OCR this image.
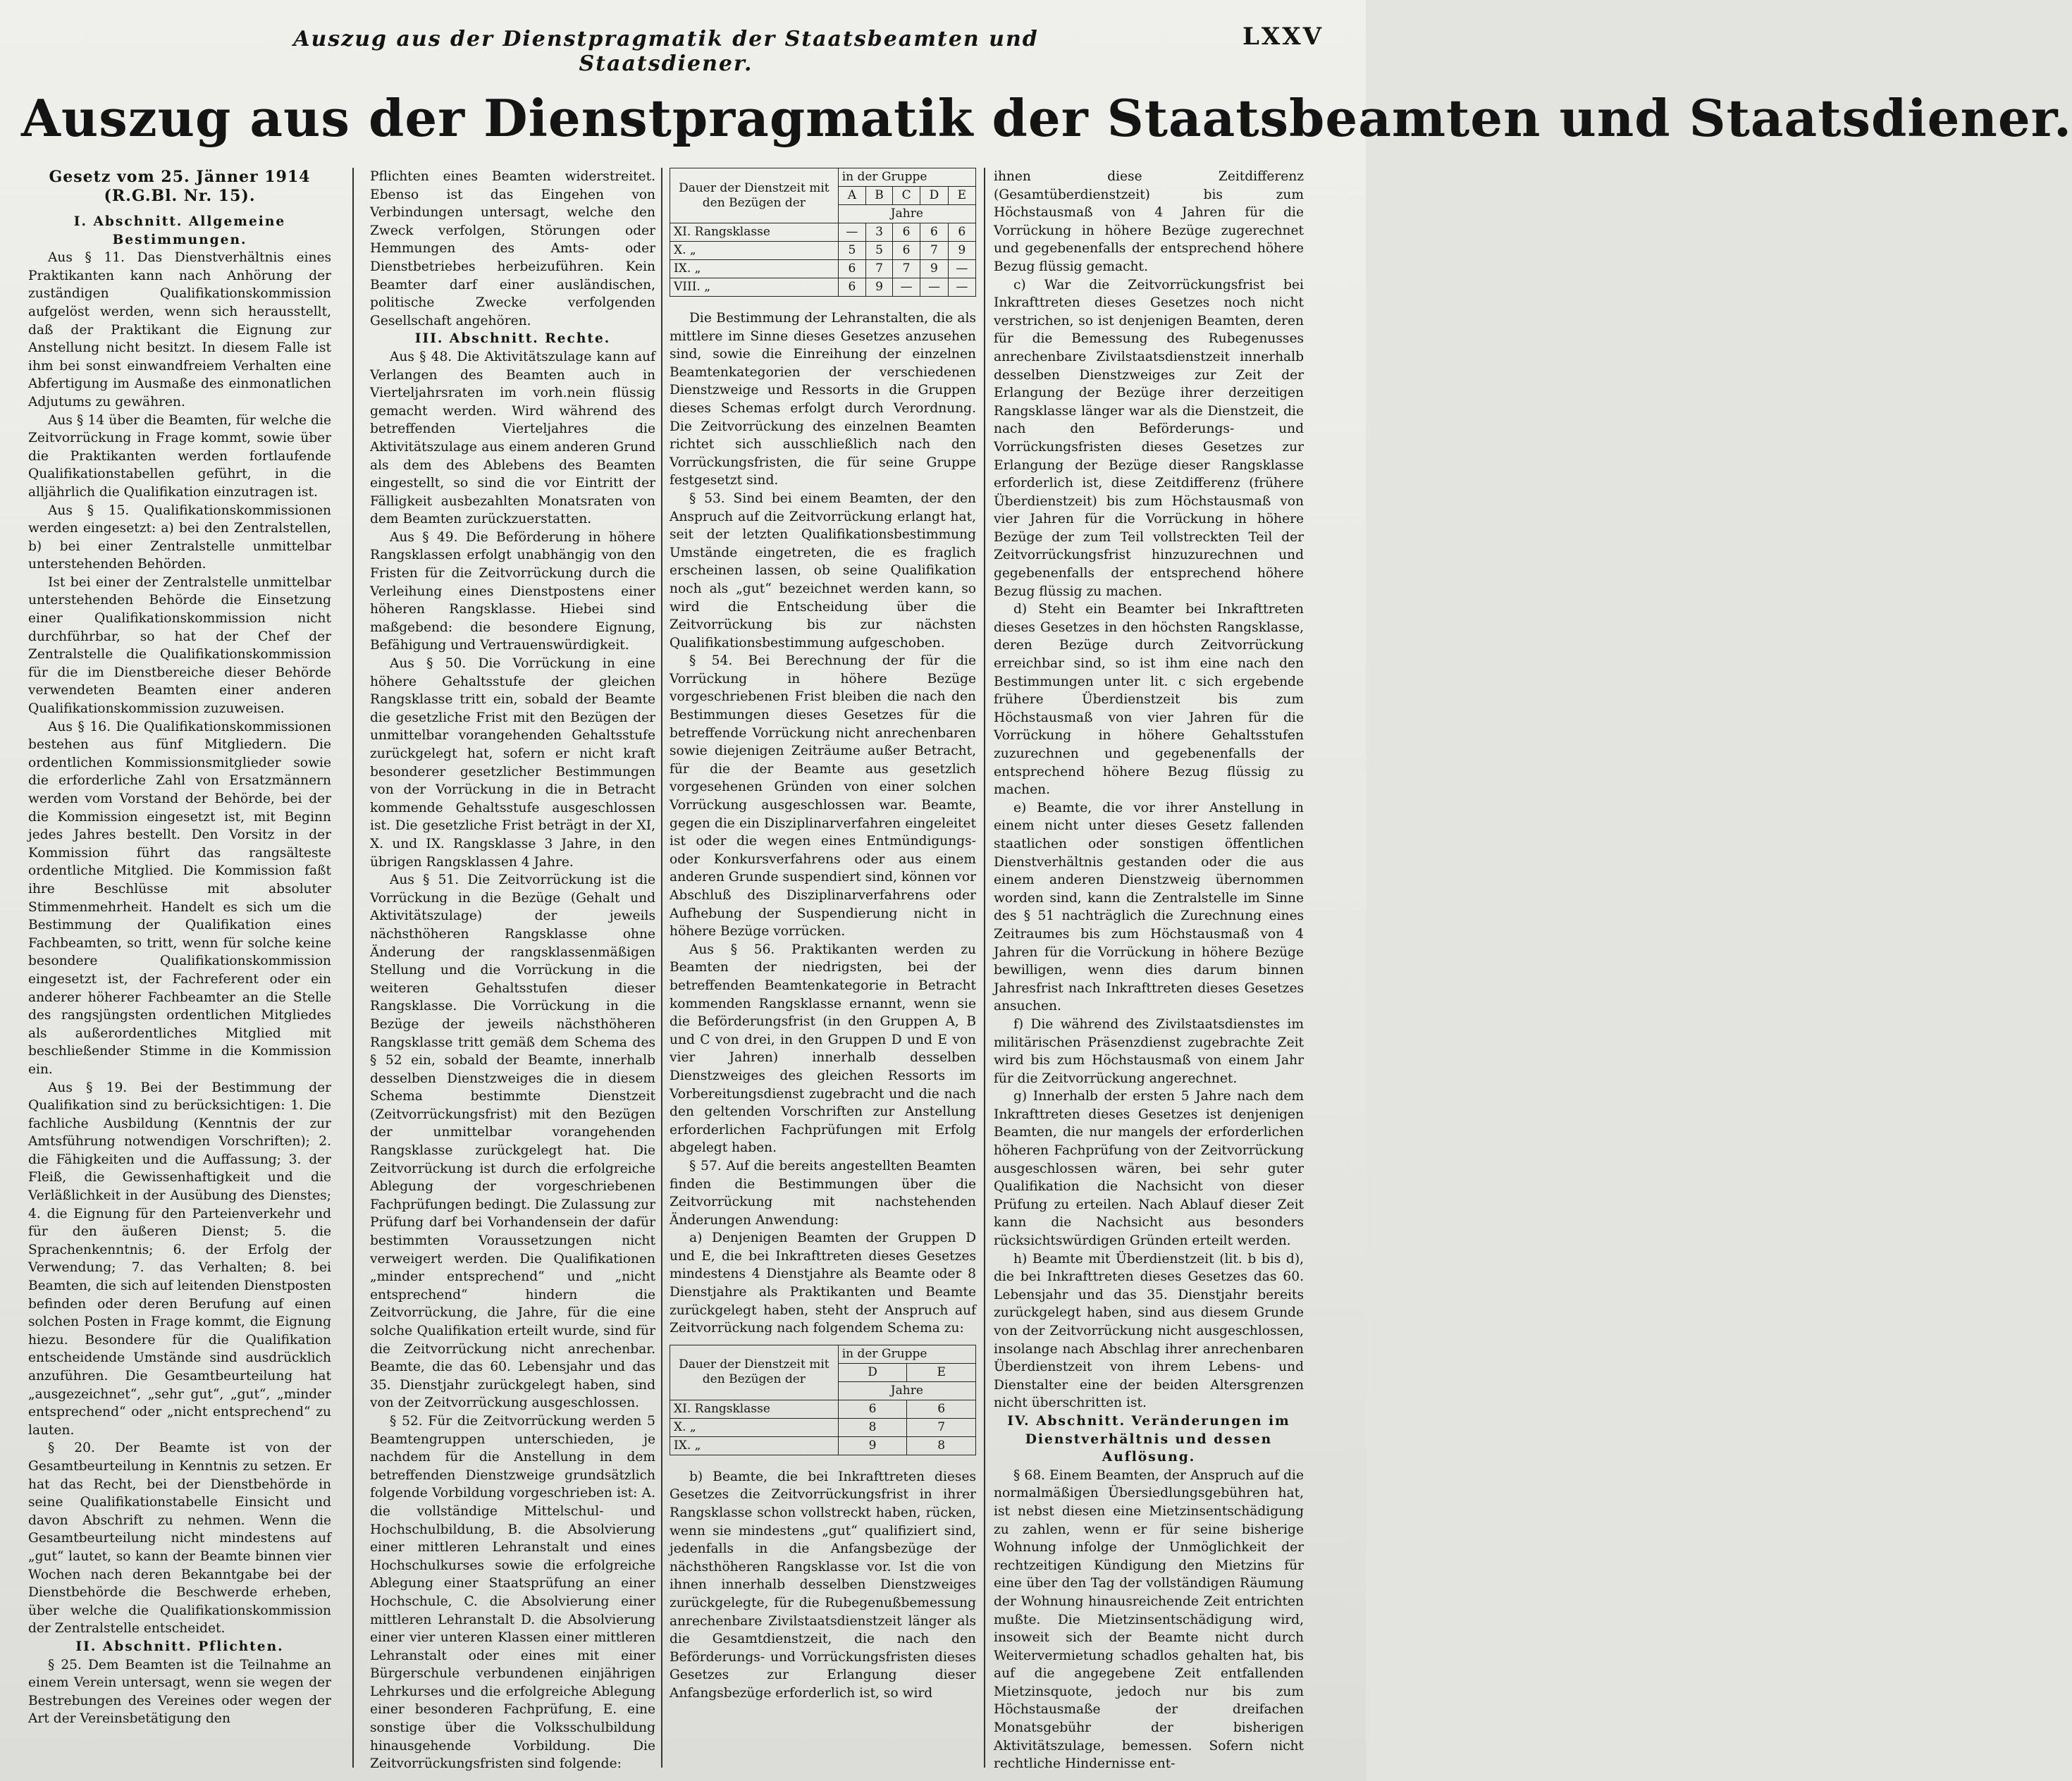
Auszug aus der Dienstpragmatik der Staatsbeamten und Staatsdiener.
LXXV
Auszug aus der Dienstpragmatik der Staatsbeamten und Staatsdiener.
Gesetz vom 25. Jänner 1914 (R.G.Bl. Nr. 15).

I. Abschnitt. Allgemeine Bestimmungen.

Aus § 11. Das Dienstverhältnis eines Praktikanten kann nach Anhörung der zuständigen Qualifikationskommission aufgelöst werden, wenn sich herausstellt, daß der Praktikant die Eignung zur Anstellung nicht besitzt. In diesem Falle ist ihm bei sonst einwandfreiem Verhalten eine Abfertigung im Ausmaße des einmonatlichen Adjutums zu gewähren.

Aus § 14 über die Beamten, für welche die Zeitvorrückung in Frage kommt, sowie über die Praktikanten werden fortlaufende Qualifikationstabellen geführt, in die alljährlich die Qualifikation einzutragen ist.

Aus § 15. Qualifikationskommissionen werden eingesetzt: a) bei den Zentralstellen, b) bei einer Zentralstelle unmittelbar unterstehenden Behörden.

Ist bei einer der Zentralstelle unmittelbar unterstehenden Behörde die Einsetzung einer Qualifikationskommission nicht durchführbar, so hat der Chef der Zentralstelle die Qualifikationskommission für die im Dienstbereiche dieser Behörde verwendeten Beamten einer anderen Qualifikationskommission zuzuweisen.

Aus § 16. Die Qualifikationskommissionen bestehen aus fünf Mitgliedern. Die ordentlichen Kommissionsmitglieder sowie die erforderliche Zahl von Ersatzmännern werden vom Vorstand der Behörde, bei der die Kommission eingesetzt ist, mit Beginn jedes Jahres bestellt. Den Vorsitz in der Kommission führt das rangsälteste ordentliche Mitglied. Die Kommission faßt ihre Beschlüsse mit absoluter Stimmenmehrheit. Handelt es sich um die Bestimmung der Qualifikation eines Fachbeamten, so tritt, wenn für solche keine besondere Qualifikationskommission eingesetzt ist, der Fachreferent oder ein anderer höherer Fachbeamter an die Stelle des rangsjüngsten ordentlichen Mitgliedes als außerordentliches Mitglied mit beschließender Stimme in die Kommission ein.

Aus § 19. Bei der Bestimmung der Qualifikation sind zu berücksichtigen: 1. Die fachliche Ausbildung (Kenntnis der zur Amtsführung notwendigen Vorschriften); 2. die Fähigkeiten und die Auffassung; 3. der Fleiß, die Gewissenhaftigkeit und die Verläßlichkeit in der Ausübung des Dienstes; 4. die Eignung für den Parteienverkehr und für den äußeren Dienst; 5. die Sprachenkenntnis; 6. der Erfolg der Verwendung; 7. das Verhalten; 8. bei Beamten, die sich auf leitenden Dienstposten befinden oder deren Berufung auf einen solchen Posten in Frage kommt, die Eignung hiezu. Besondere für die Qualifikation entscheidende Umstände sind ausdrücklich anzuführen. Die Gesamtbeurteilung hat „ausgezeichnet“, „sehr gut“, „gut“, „minder entsprechend“ oder „nicht entsprechend“ zu lauten.

§ 20. Der Beamte ist von der Gesamtbeurteilung in Kenntnis zu setzen. Er hat das Recht, bei der Dienstbehörde in seine Qualifikationstabelle Einsicht und davon Abschrift zu nehmen. Wenn die Gesamtbeurteilung nicht mindestens auf „gut“ lautet, so kann der Beamte binnen vier Wochen nach deren Bekanntgabe bei der Dienstbehörde die Beschwerde erheben, über welche die Qualifikationskommission der Zentralstelle entscheidet.

II. Abschnitt. Pflichten.

§ 25. Dem Beamten ist die Teilnahme an einem Verein untersagt, wenn sie wegen der Bestrebungen des Vereines oder wegen der Art der Vereinsbetätigung den

Pflichten eines Beamten widerstreitet. Ebenso ist das Eingehen von Verbindungen untersagt, welche den Zweck verfolgen, Störungen oder Hemmungen des Amts- oder Dienstbetriebes herbeizuführen. Kein Beamter darf einer ausländischen, politische Zwecke verfolgenden Gesellschaft angehören.

III. Abschnitt. Rechte.

Aus § 48. Die Aktivitätszulage kann auf Verlangen des Beamten auch in Vierteljahrsraten im vorh.nein flüssig gemacht werden. Wird während des betreffenden Vierteljahres die Aktivitätszulage aus einem anderen Grund als dem des Ablebens des Beamten eingestellt, so sind die vor Eintritt der Fälligkeit ausbezahlten Monatsraten von dem Beamten zurückzuerstatten.

Aus § 49. Die Beförderung in höhere Rangsklassen erfolgt unabhängig von den Fristen für die Zeitvorrückung durch die Verleihung eines Dienstpostens einer höheren Rangsklasse. Hiebei sind maßgebend: die besondere Eignung, Befähigung und Vertrauenswürdigkeit.

Aus § 50. Die Vorrückung in eine höhere Gehaltsstufe der gleichen Rangsklasse tritt ein, sobald der Beamte die gesetzliche Frist mit den Bezügen der unmittelbar vorangehenden Gehaltsstufe zurückgelegt hat, sofern er nicht kraft besonderer gesetzlicher Bestimmungen von der Vorrückung in die in Betracht kommende Gehaltsstufe ausgeschlossen ist. Die gesetzliche Frist beträgt in der XI, X. und IX. Rangsklasse 3 Jahre, in den übrigen Rangsklassen 4 Jahre.

Aus § 51. Die Zeitvorrückung ist die Vorrückung in die Bezüge (Gehalt und Aktivitätszulage) der jeweils nächsthöheren Rangsklasse ohne Änderung der rangsklassenmäßigen Stellung und die Vorrückung in die weiteren Gehaltsstufen dieser Rangsklasse. Die Vorrückung in die Bezüge der jeweils nächsthöheren Rangsklasse tritt gemäß dem Schema des § 52 ein, sobald der Beamte, innerhalb desselben Dienstzweiges die in diesem Schema bestimmte Dienstzeit (Zeitvorrückungsfrist) mit den Bezügen der unmittelbar vorangehenden Rangsklasse zurückgelegt hat. Die Zeitvorrückung ist durch die erfolgreiche Ablegung der vorgeschriebenen Fachprüfungen bedingt. Die Zulassung zur Prüfung darf bei Vorhandensein der dafür bestimmten Voraussetzungen nicht verweigert werden. Die Qualifikationen „minder entsprechend“ und „nicht entsprechend“ hindern die Zeitvorrückung, die Jahre, für die eine solche Qualifikation erteilt wurde, sind für die Zeitvorrückung nicht anrechenbar. Beamte, die das 60. Lebensjahr und das 35. Dienstjahr zurückgelegt haben, sind von der Zeitvorrückung ausgeschlossen.

§ 52. Für die Zeitvorrückung werden 5 Beamtengruppen unterschieden, je nachdem für die Anstellung in dem betreffenden Dienstzweige grundsätzlich folgende Vorbildung vorgeschrieben ist: A. die vollständige Mittelschul- und Hochschulbildung, B. die Absolvierung einer mittleren Lehranstalt und eines Hochschulkurses sowie die erfolgreiche Ablegung einer Staatsprüfung an einer Hochschule, C. die Absolvierung einer mittleren Lehranstalt D. die Absolvierung einer vier unteren Klassen einer mittleren Lehranstalt oder eines mit einer Bürgerschule verbundenen einjährigen Lehrkurses und die erfolgreiche Ablegung einer besonderen Fachprüfung, E. eine sonstige über die Volksschulbildung hinausgehende Vorbildung. Die Zeitvorrückungsfristen sind folgende:

Dauer der Dienstzeit mit den Bezügen der	in der Gruppe				
	A	B	C	D	E
	Jahre				
XI. Rangsklasse	—	3	6	6	6
X. „	5	5	6	7	9
IX. „	6	7	7	9	—
VIII. „	6	9	—	—	—

Die Bestimmung der Lehranstalten, die als mittlere im Sinne dieses Gesetzes anzusehen sind, sowie die Einreihung der einzelnen Beamtenkategorien der verschiedenen Dienstzweige und Ressorts in die Gruppen dieses Schemas erfolgt durch Verordnung. Die Zeitvorrückung des einzelnen Beamten richtet sich ausschließlich nach den Vorrückungsfristen, die für seine Gruppe festgesetzt sind.

§ 53. Sind bei einem Beamten, der den Anspruch auf die Zeitvorrückung erlangt hat, seit der letzten Qualifikationsbestimmung Umstände eingetreten, die es fraglich erscheinen lassen, ob seine Qualifikation noch als „gut“ bezeichnet werden kann, so wird die Entscheidung über die Zeitvorrückung bis zur nächsten Qualifikationsbestimmung aufgeschoben.

§ 54. Bei Berechnung der für die Vorrückung in höhere Bezüge vorgeschriebenen Frist bleiben die nach den Bestimmungen dieses Gesetzes für die betreffende Vorrückung nicht anrechenbaren sowie diejenigen Zeiträume außer Betracht, für die der Beamte aus gesetzlich vorgesehenen Gründen von einer solchen Vorrückung ausgeschlossen war. Beamte, gegen die ein Disziplinarverfahren eingeleitet ist oder die wegen eines Entmündigungs- oder Konkursverfahrens oder aus einem anderen Grunde suspendiert sind, können vor Abschluß des Disziplinarverfahrens oder Aufhebung der Suspendierung nicht in höhere Bezüge vorrücken.

Aus § 56. Praktikanten werden zu Beamten der niedrigsten, bei der betreffenden Beamtenkategorie in Betracht kommenden Rangsklasse ernannt, wenn sie die Beförderungsfrist (in den Gruppen A, B und C von drei, in den Gruppen D und E von vier Jahren) innerhalb desselben Dienstzweiges des gleichen Ressorts im Vorbereitungsdienst zugebracht und die nach den geltenden Vorschriften zur Anstellung erforderlichen Fachprüfungen mit Erfolg abgelegt haben.

§ 57. Auf die bereits angestellten Beamten finden die Bestimmungen über die Zeitvorrückung mit nachstehenden Änderungen Anwendung:

a) Denjenigen Beamten der Gruppen D und E, die bei Inkrafttreten dieses Gesetzes mindestens 4 Dienstjahre als Beamte oder 8 Dienstjahre als Praktikanten und Beamte zurückgelegt haben, steht der Anspruch auf Zeitvorrückung nach folgendem Schema zu:

Dauer der Dienstzeit mit den Bezügen der	in der Gruppe	
	D	E
	Jahre	
XI. Rangsklasse	6	6
X. „	8	7
IX. „	9	8

b) Beamte, die bei Inkrafttreten dieses Gesetzes die Zeitvorrückungsfrist in ihrer Rangsklasse schon vollstreckt haben, rücken, wenn sie mindestens „gut“ qualifiziert sind, jedenfalls in die Anfangsbezüge der nächsthöheren Rangsklasse vor. Ist die von ihnen innerhalb desselben Dienstzweiges zurückgelegte, für die Rubegenußbemessung anrechenbare Zivilstaatsdienstzeit länger als die Gesamtdienstzeit, die nach den Beförderungs- und Vorrückungsfristen dieses Gesetzes zur Erlangung dieser Anfangsbezüge erforderlich ist, so wird

ihnen diese Zeitdifferenz (Gesamtüberdienstzeit) bis zum Höchstausmaß von 4 Jahren für die Vorrückung in höhere Bezüge zugerechnet und gegebenenfalls der entsprechend höhere Bezug flüssig gemacht.

c) War die Zeitvorrückungsfrist bei Inkrafttreten dieses Gesetzes noch nicht verstrichen, so ist denjenigen Beamten, deren für die Bemessung des Rubegenusses anrechenbare Zivilstaatsdienstzeit innerhalb desselben Dienstzweiges zur Zeit der Erlangung der Bezüge ihrer derzeitigen Rangsklasse länger war als die Dienstzeit, die nach den Beförderungs- und Vorrückungsfristen dieses Gesetzes zur Erlangung der Bezüge dieser Rangsklasse erforderlich ist, diese Zeitdifferenz (frühere Überdienstzeit) bis zum Höchstausmaß von vier Jahren für die Vorrückung in höhere Bezüge der zum Teil vollstreckten Teil der Zeitvorrückungsfrist hinzuzurechnen und gegebenenfalls der entsprechend höhere Bezug flüssig zu machen.

d) Steht ein Beamter bei Inkrafttreten dieses Gesetzes in den höchsten Rangsklasse, deren Bezüge durch Zeitvorrückung erreichbar sind, so ist ihm eine nach den Bestimmungen unter lit. c sich ergebende frühere Überdienstzeit bis zum Höchstausmaß von vier Jahren für die Vorrückung in höhere Gehaltsstufen zuzurechnen und gegebenenfalls der entsprechend höhere Bezug flüssig zu machen.

e) Beamte, die vor ihrer Anstellung in einem nicht unter dieses Gesetz fallenden staatlichen oder sonstigen öffentlichen Dienstverhältnis gestanden oder die aus einem anderen Dienstzweig übernommen worden sind, kann die Zentralstelle im Sinne des § 51 nachträglich die Zurechnung eines Zeitraumes bis zum Höchstausmaß von 4 Jahren für die Vorrückung in höhere Bezüge bewilligen, wenn dies darum binnen Jahresfrist nach Inkrafttreten dieses Gesetzes ansuchen.

f) Die während des Zivilstaatsdienstes im militärischen Präsenzdienst zugebrachte Zeit wird bis zum Höchstausmaß von einem Jahr für die Zeitvorrückung angerechnet.

g) Innerhalb der ersten 5 Jahre nach dem Inkrafttreten dieses Gesetzes ist denjenigen Beamten, die nur mangels der erforderlichen höheren Fachprüfung von der Zeitvorrückung ausgeschlossen wären, bei sehr guter Qualifikation die Nachsicht von dieser Prüfung zu erteilen. Nach Ablauf dieser Zeit kann die Nachsicht aus besonders rücksichtswürdigen Gründen erteilt werden.

h) Beamte mit Überdienstzeit (lit. b bis d), die bei Inkrafttreten dieses Gesetzes das 60. Lebensjahr und das 35. Dienstjahr bereits zurückgelegt haben, sind aus diesem Grunde von der Zeitvorrückung nicht ausgeschlossen, insolange nach Abschlag ihrer anrechenbaren Überdienstzeit von ihrem Lebens- und Dienstalter eine der beiden Altersgrenzen nicht überschritten ist.

IV. Abschnitt. Veränderungen im Dienstverhältnis und dessen Auflösung.

§ 68. Einem Beamten, der Anspruch auf die normalmäßigen Übersiedlungsgebühren hat, ist nebst diesen eine Mietzinsentschädigung zu zahlen, wenn er für seine bisherige Wohnung infolge der Unmöglichkeit der rechtzeitigen Kündigung den Mietzins für eine über den Tag der vollständigen Räumung der Wohnung hinausreichende Zeit entrichten mußte. Die Mietzinsentschädigung wird, insoweit sich der Beamte nicht durch Weitervermietung schadlos gehalten hat, bis auf die angegebene Zeit entfallenden Mietzinsquote, jedoch nur bis zum Höchstausmaße der dreifachen Monatsgebühr der bisherigen Aktivitätszulage, bemessen. Sofern nicht rechtliche Hindernisse ent-
